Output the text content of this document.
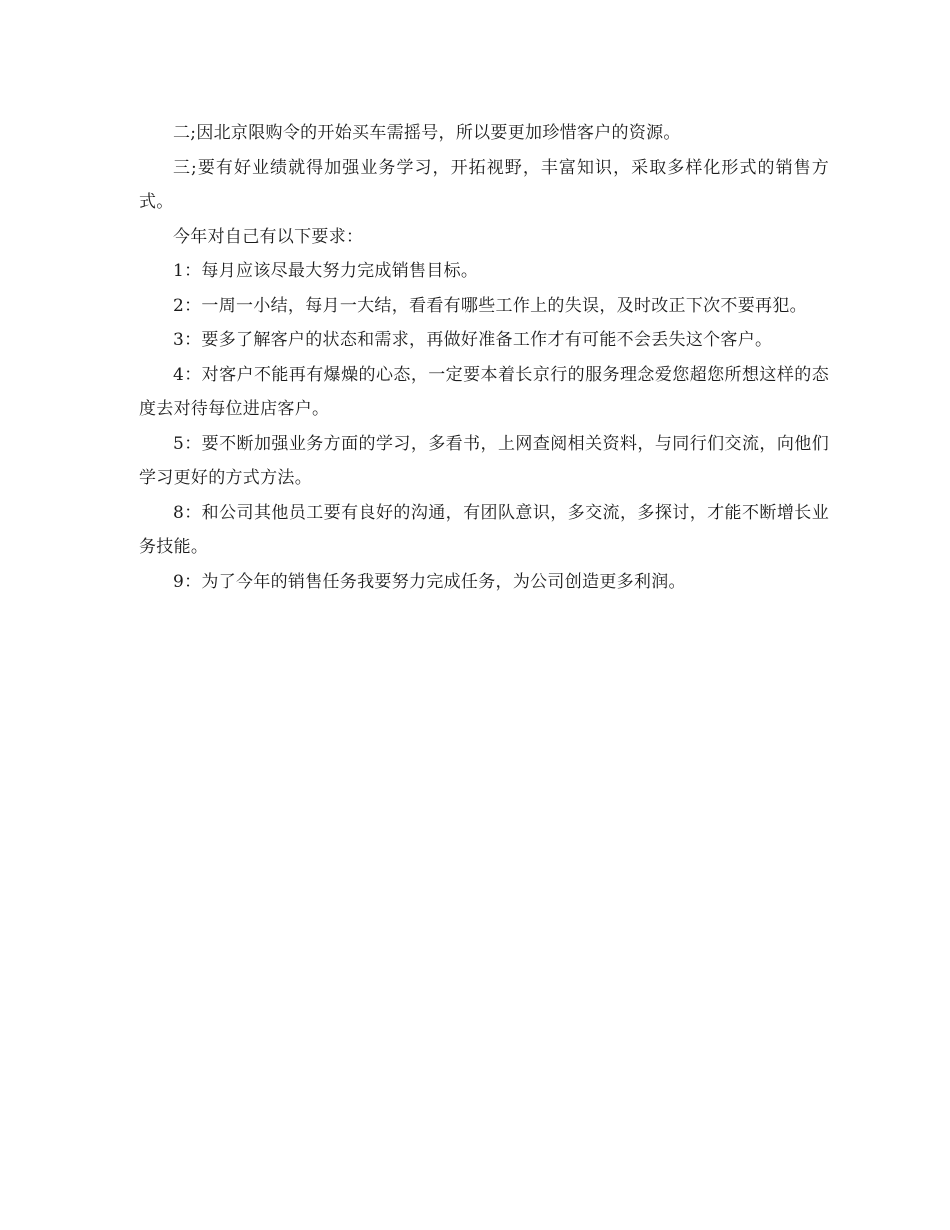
二;因北京限购令的开始买车需摇号，所以要更加珍惜客户的资源。

三;要有好业绩就得加强业务学习，开拓视野，丰富知识，采取多样化形式的销售方式。

今年对自己有以下要求：

1：每月应该尽最大努力完成销售目标。

2：一周一小结，每月一大结，看看有哪些工作上的失误，及时改正下次不要再犯。

3：要多了解客户的状态和需求，再做好准备工作才有可能不会丢失这个客户。

4：对客户不能再有爆燥的心态，一定要本着长京行的服务理念爱您超您所想这样的态度去对待每位进店客户。

5：要不断加强业务方面的学习，多看书，上网查阅相关资料，与同行们交流，向他们学习更好的方式方法。

8：和公司其他员工要有良好的沟通，有团队意识，多交流，多探讨，才能不断增长业务技能。

9：为了今年的销售任务我要努力完成任务，为公司创造更多利润。
